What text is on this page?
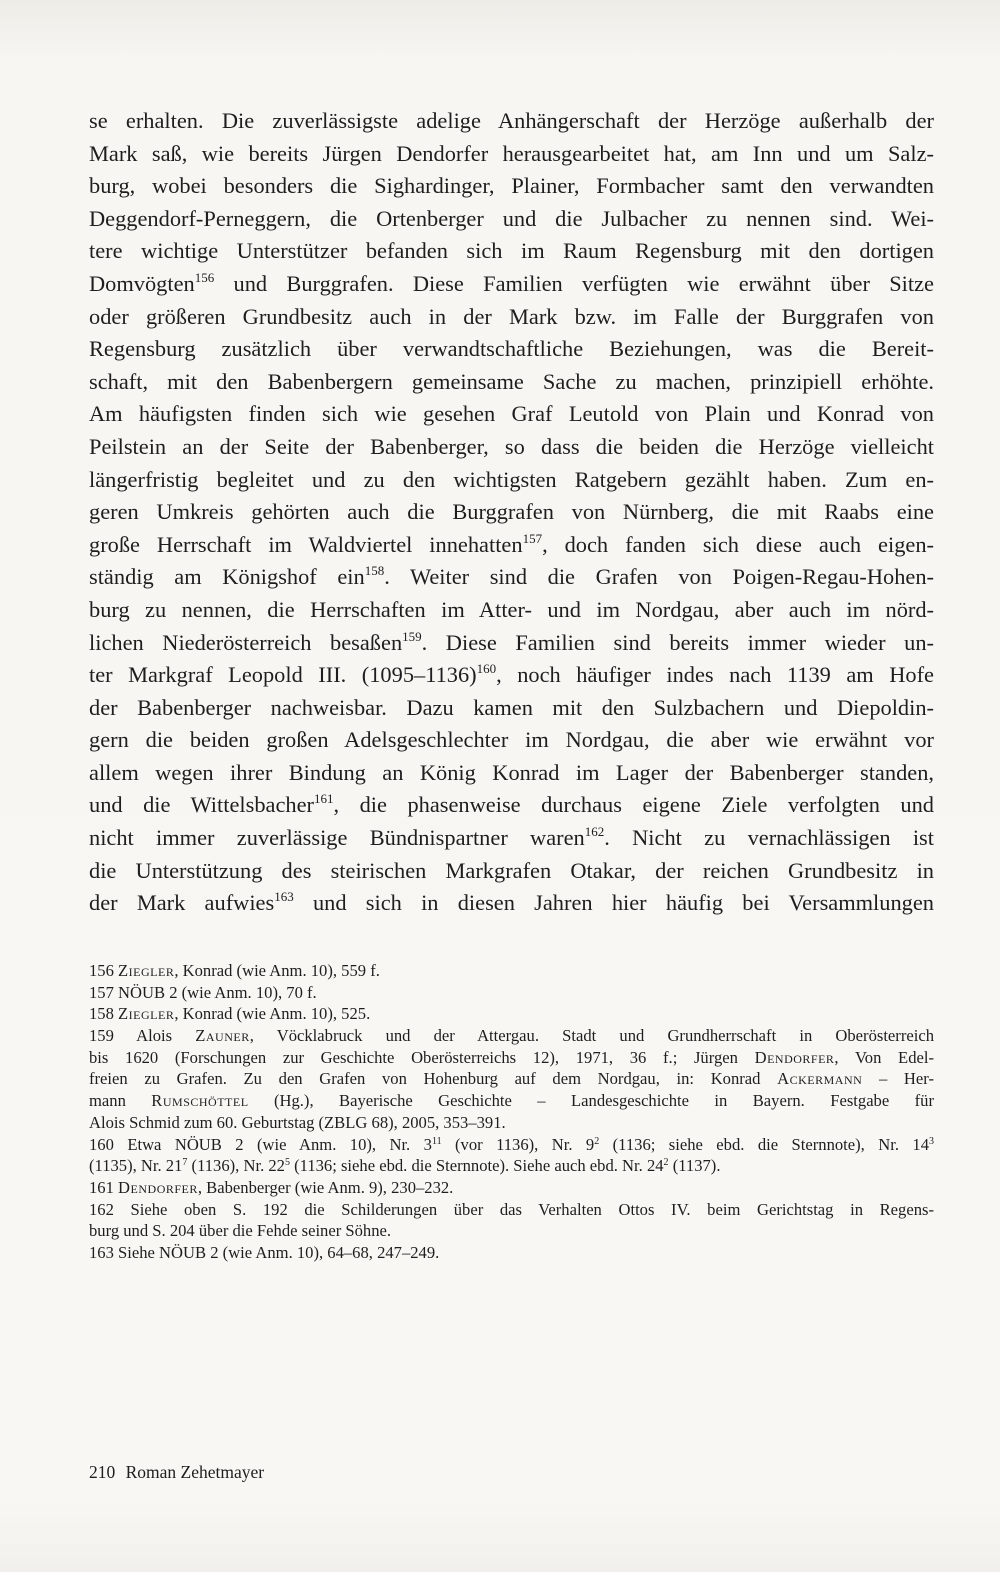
se erhalten. Die zuverlässigste adelige Anhängerschaft der Herzöge außerhalb der
Mark saß, wie bereits Jürgen Dendorfer herausgearbeitet hat, am Inn und um Salz-
burg, wobei besonders die Sighardinger, Plainer, Formbacher samt den verwandten
Deggendorf-Perneggern, die Ortenberger und die Julbacher zu nennen sind. Wei-
tere wichtige Unterstützer befanden sich im Raum Regensburg mit den dortigen
Domvögten$^{156}$ und Burggrafen. Diese Familien verfügten wie erwähnt über Sitze
oder größeren Grundbesitz auch in der Mark bzw. im Falle der Burggrafen von
Regensburg zusätzlich über verwandtschaftliche Beziehungen, was die Bereit-
schaft, mit den Babenbergern gemeinsame Sache zu machen, prinzipiell erhöhte.
Am häufigsten finden sich wie gesehen Graf Leutold von Plain und Konrad von
Peilstein an der Seite der Babenberger, so dass die beiden die Herzöge vielleicht
längerfristig begleitet und zu den wichtigsten Ratgebern gezählt haben. Zum en-
geren Umkreis gehörten auch die Burggrafen von Nürnberg, die mit Raabs eine
große Herrschaft im Waldviertel innehatten$^{157}$, doch fanden sich diese auch eigen-
ständig am Königshof ein$^{158}$. Weiter sind die Grafen von Poigen-Regau-Hohen-
burg zu nennen, die Herrschaften im Atter- und im Nordgau, aber auch im nörd-
lichen Niederösterreich besaßen$^{159}$. Diese Familien sind bereits immer wieder un-
ter Markgraf Leopold III. (1095–1136)$^{160}$, noch häufiger indes nach 1139 am Hofe
der Babenberger nachweisbar. Dazu kamen mit den Sulzbachern und Diepoldin-
gern die beiden großen Adelsgeschlechter im Nordgau, die aber wie erwähnt vor
allem wegen ihrer Bindung an König Konrad im Lager der Babenberger standen,
und die Wittelsbacher$^{161}$, die phasenweise durchaus eigene Ziele verfolgten und
nicht immer zuverlässige Bündnispartner waren$^{162}$. Nicht zu vernachlässigen ist
die Unterstützung des steirischen Markgrafen Otakar, der reichen Grundbesitz in
der Mark aufwies$^{163}$ und sich in diesen Jahren hier häufig bei Versammlungen
156 Ziegler, Konrad (wie Anm. 10), 559 f.
157 NÖUB 2 (wie Anm. 10), 70 f.
158 Ziegler, Konrad (wie Anm. 10), 525.
159 Alois Zauner, Vöcklabruck und der Attergau. Stadt und Grundherrschaft in Oberösterreich
bis 1620 (Forschungen zur Geschichte Oberösterreichs 12), 1971, 36 f.; Jürgen Dendorfer, Von Edel-
freien zu Grafen. Zu den Grafen von Hohenburg auf dem Nordgau, in: Konrad Ackermann – Her-
mann Rumschöttel (Hg.), Bayerische Geschichte – Landesgeschichte in Bayern. Festgabe für
Alois Schmid zum 60. Geburtstag (ZBLG 68), 2005, 353–391.
160 Etwa NÖUB 2 (wie Anm. 10), Nr. $3^{11}$ (vor 1136), Nr. $9^2$ (1136; siehe ebd. die Sternnote), Nr. $14^3$
(1135), Nr. $21^7$ (1136), Nr. $22^5$ (1136; siehe ebd. die Sternnote). Siehe auch ebd. Nr. $24^2$ (1137).
161 Dendorfer, Babenberger (wie Anm. 9), 230–232.
162 Siehe oben S. 192 die Schilderungen über das Verhalten Ottos IV. beim Gerichtstag in Regens-
burg und S. 204 über die Fehde seiner Söhne.
163 Siehe NÖUB 2 (wie Anm. 10), 64–68, 247–249.
210 Roman Zehetmayer
